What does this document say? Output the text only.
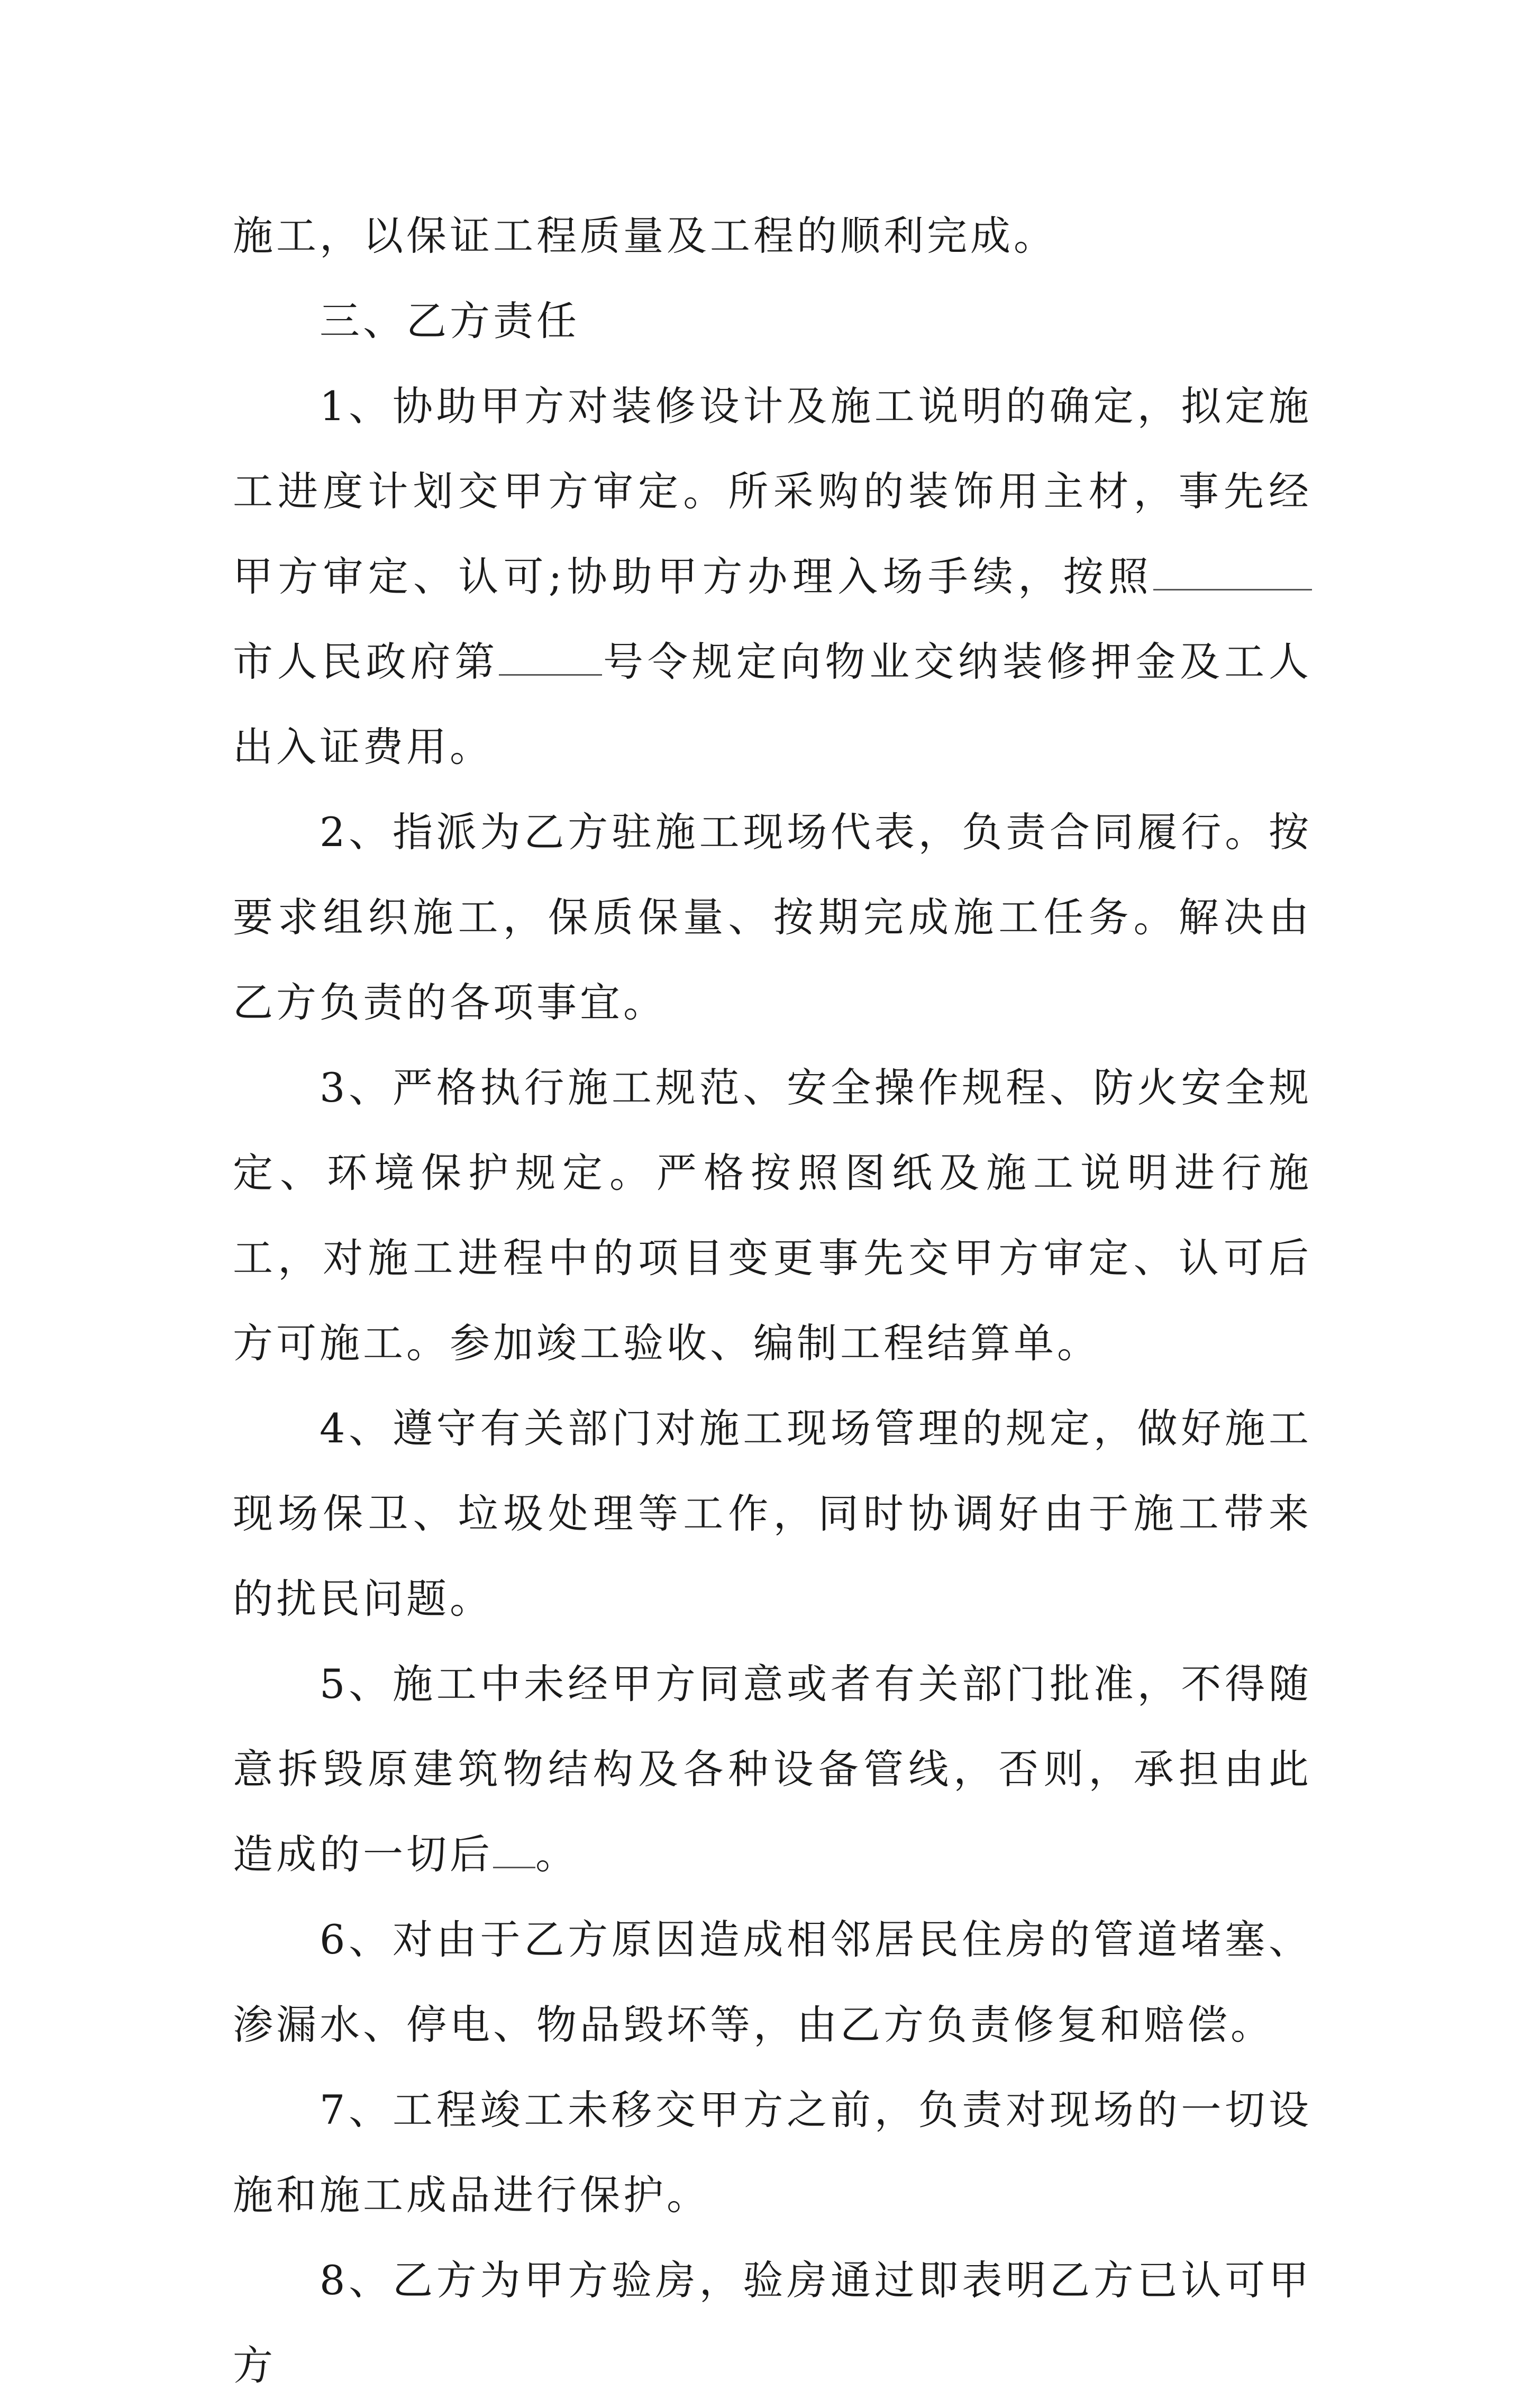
施工，以保证工程质量及工程的顺利完成。

三、乙方责任

1、协助甲方对装修设计及施工说明的确定，拟定施工进度计划交甲方审定。所采购的装饰用主材，事先经甲方审定、认可;协助甲方办理入场手续，按照市人民政府第	号令规定向物业交纳装修押金及工人出入证费用。

2、指派为乙方驻施工现场代表，负责合同履行。按要求组织施工，保质保量、按期完成施工任务。解决由乙方负责的各项事宜。

3、严格执行施工规范、安全操作规程、防火安全规定、环境保护规定。严格按照图纸及施工说明进行施工，对施工进程中的项目变更事先交甲方审定、认可后方可施工。参加竣工验收、编制工程结算单。

4、遵守有关部门对施工现场管理的规定，做好施工现场保卫、垃圾处理等工作，同时协调好由于施工带来的扰民问题。

5、施工中未经甲方同意或者有关部门批准，不得随意拆毁原建筑物结构及各种设备管线，否则，承担由此造成的一切后 。

6、对由于乙方原因造成相邻居民住房的管道堵塞、渗漏水、停电、物品毁坏等，由乙方负责修复和赔偿。

7、工程竣工未移交甲方之前，负责对现场的一切设施和施工成品进行保护。

8、乙方为甲方验房，验房通过即表明乙方已认可甲方
